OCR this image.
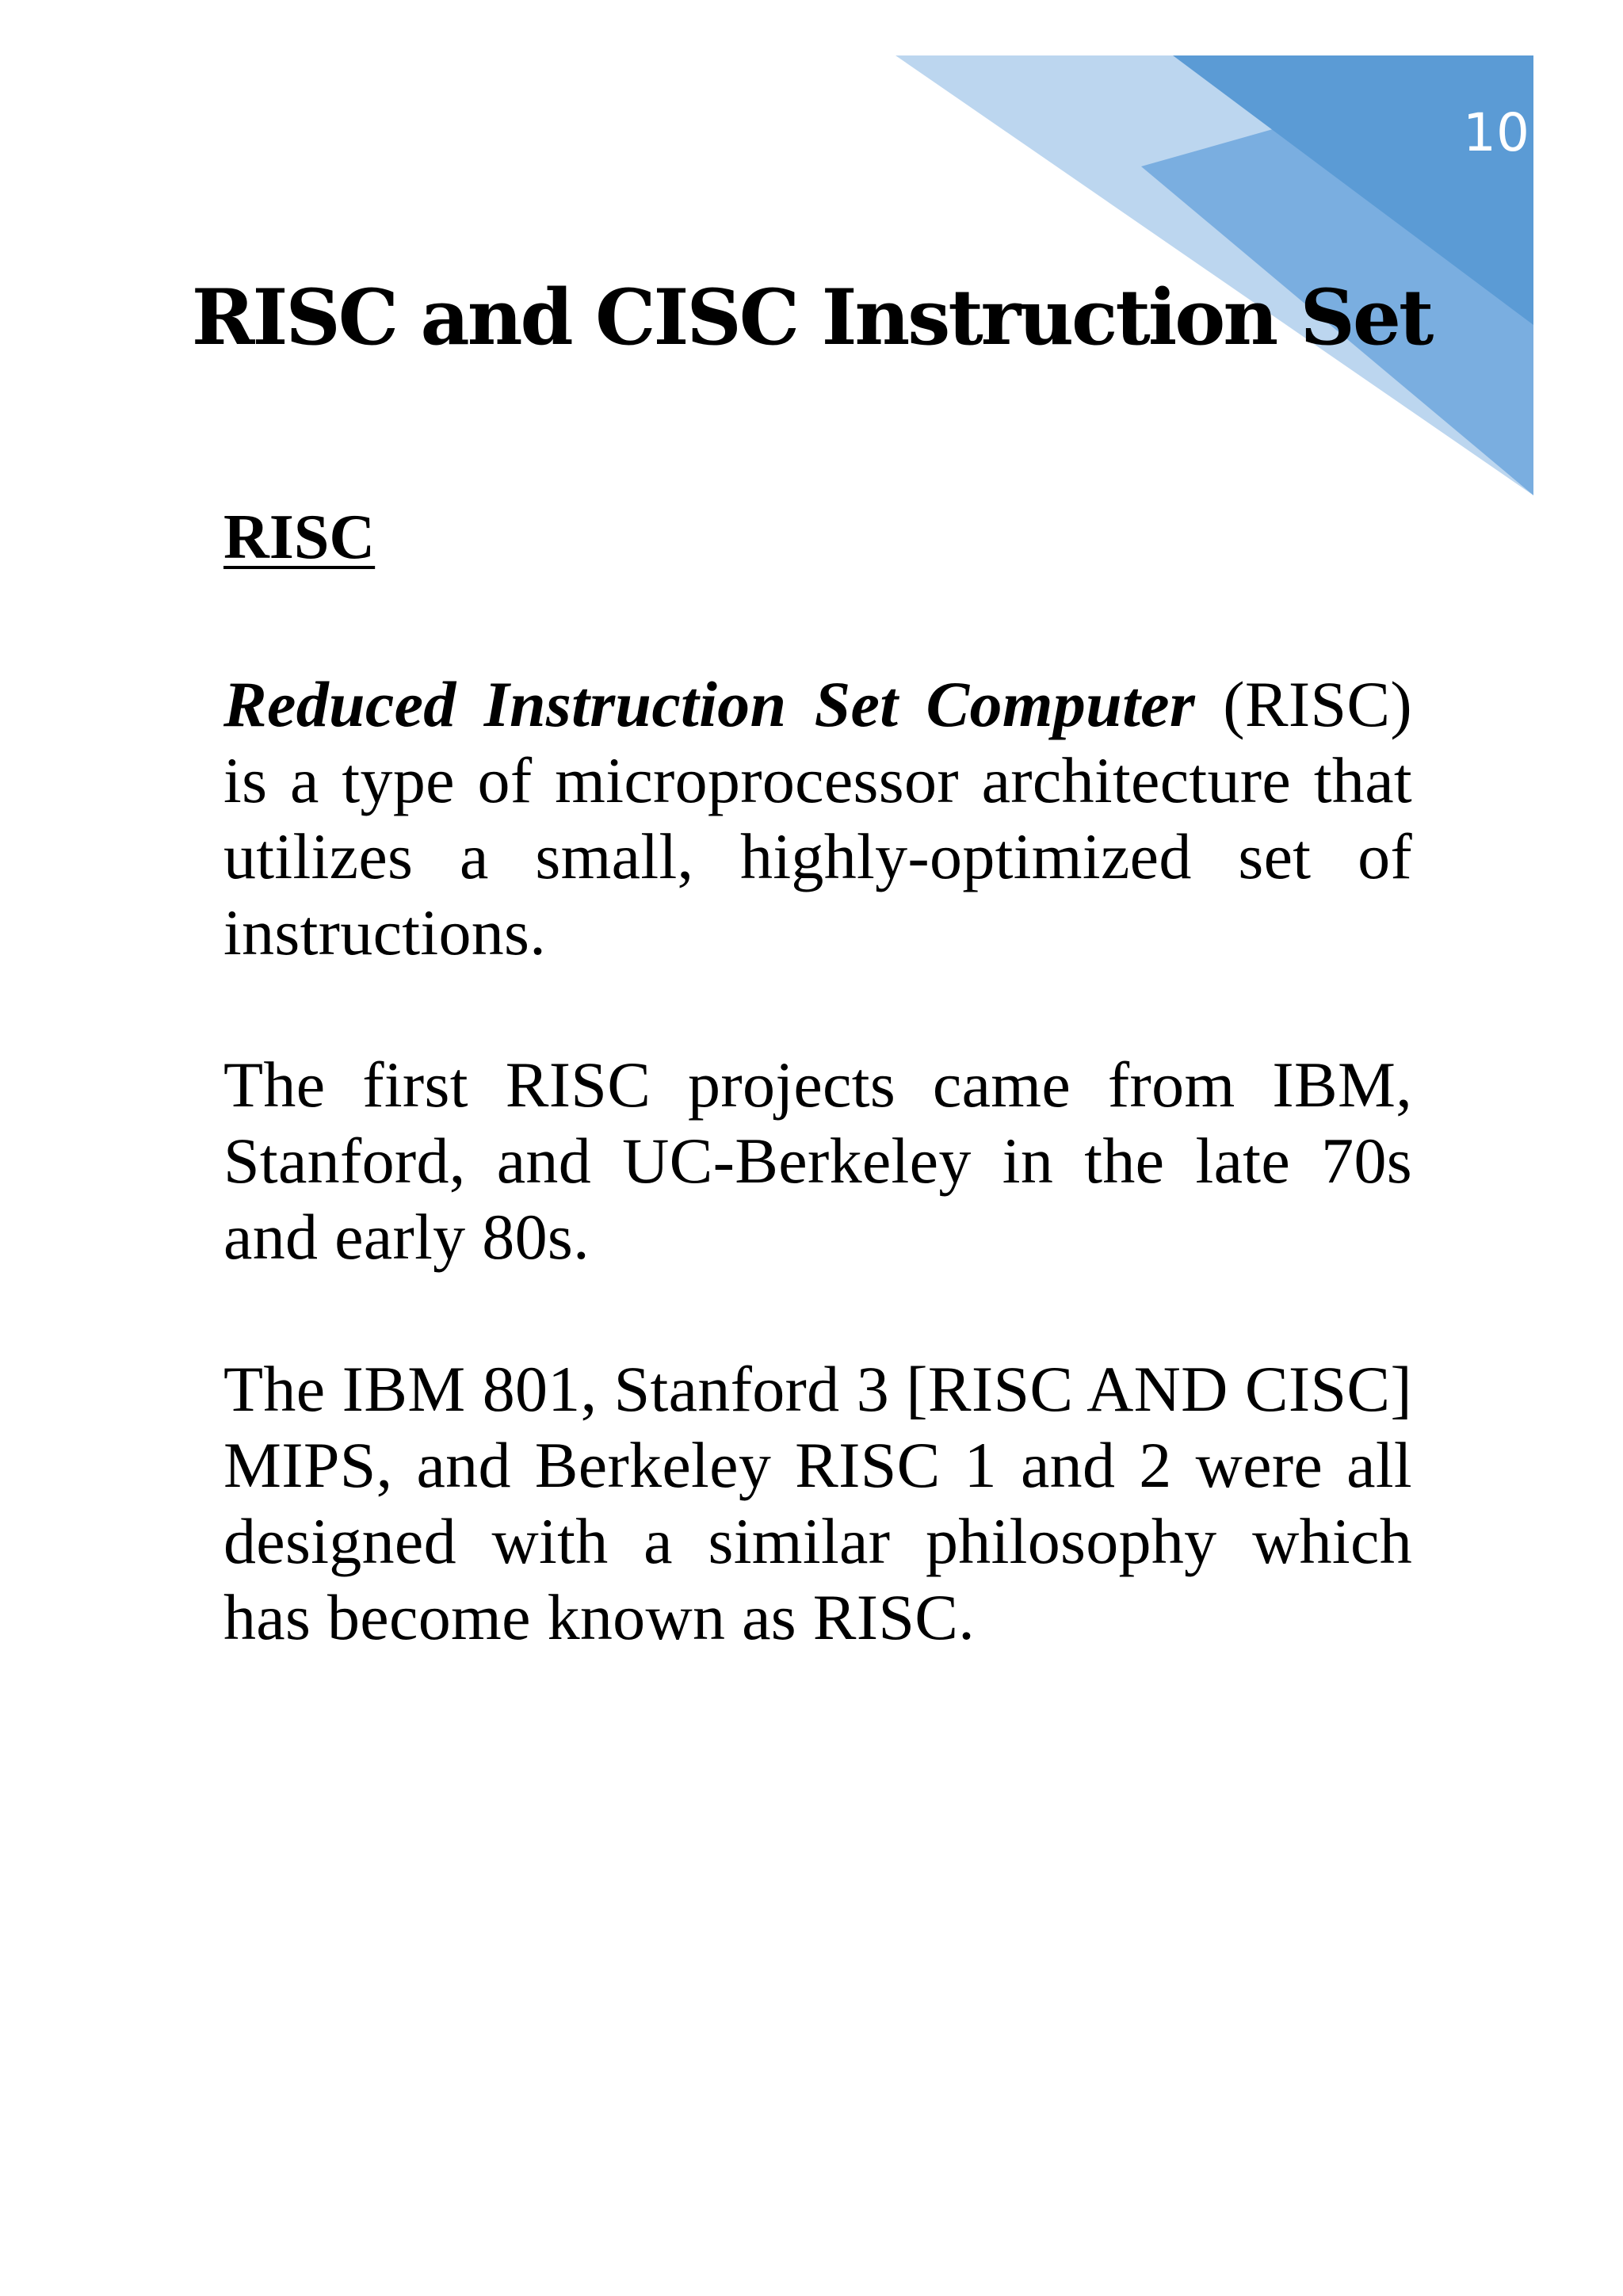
10
RISC and CISC Instruction Set
RISC

Reduced Instruction Set Computer (RISC) is a type of microprocessor architecture that utilizes a small, highly-optimized set of instructions.

The first RISC projects came from IBM, Stanford, and UC-Berkeley in the late 70s and early 80s.

The IBM 801, Stanford 3 [RISC AND CISC] MIPS, and Berkeley RISC 1 and 2 were all designed with a similar philosophy which has become known as RISC.
